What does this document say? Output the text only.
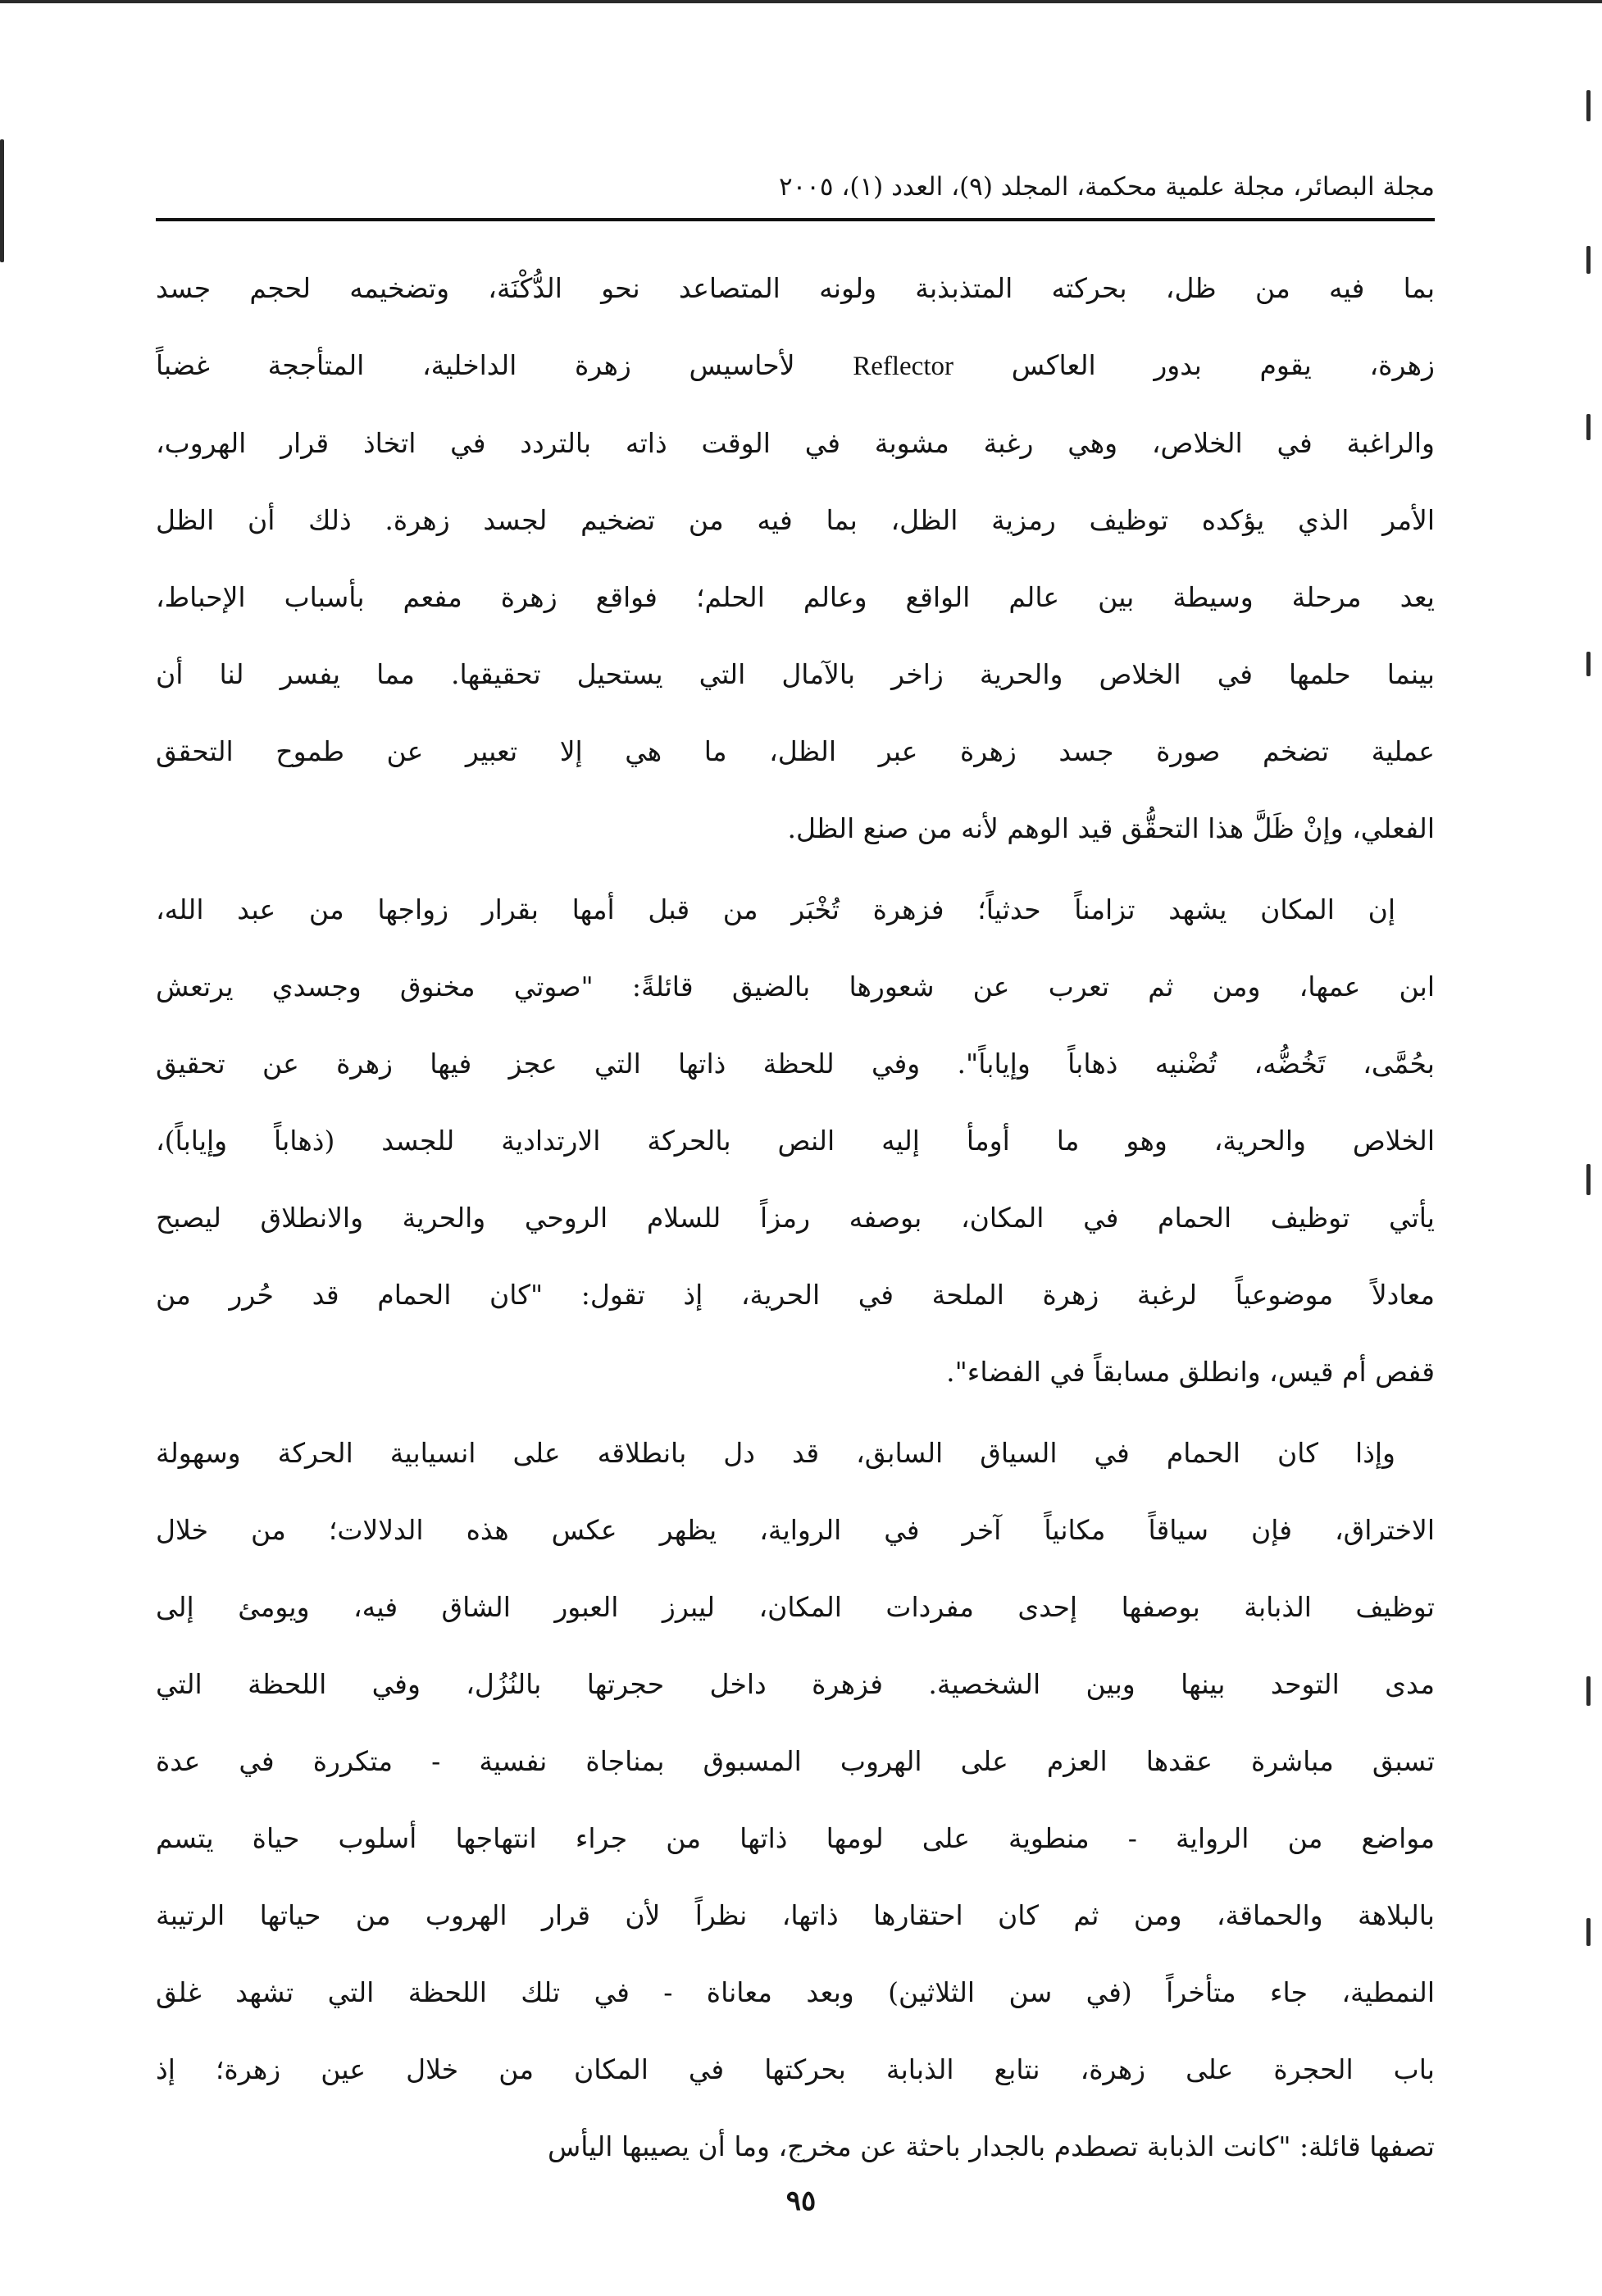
مجلة البصائر، مجلة علمية محكمة، المجلد (٩)، العدد (١)، ٢٠٠٥
بما فيه من ظل، بحركته المتذبذبة ولونه المتصاعد نحو الدُّكْنَة، وتضخيمه لحجم جسد
زهرة، يقوم بدور العاكس Reflector لأحاسيس زهرة الداخلية، المتأججة غضباً
والراغبة في الخلاص، وهي رغبة مشوبة في الوقت ذاته بالتردد في اتخاذ قرار الهروب،
الأمر الذي يؤكده توظيف رمزية الظل، بما فيه من تضخيم لجسد زهرة. ذلك أن الظل
يعد مرحلة وسيطة بين عالم الواقع وعالم الحلم؛ فواقع زهرة مفعم بأسباب الإحباط،
بينما حلمها في الخلاص والحرية زاخر بالآمال التي يستحيل تحقيقها. مما يفسر لنا أن
عملية تضخم صورة جسد زهرة عبر الظل، ما هي إلا تعبير عن طموح التحقق
الفعلي، وإنْ ظَلَّ هذا التحقُّق قيد الوهم لأنه من صنع الظل.
إن المكان يشهد تزامناً حدثياً؛ فزهرة تُخْبَر من قبل أمها بقرار زواجها من عبد الله،
ابن عمها، ومن ثم تعرب عن شعورها بالضيق قائلةً: "صوتي مخنوق وجسدي يرتعش
بحُمَّى، تَخُضُّه، تُضْنيه ذهاباً وإياباً". وفي للحظة ذاتها التي عجز فيها زهرة عن تحقيق
الخلاص والحرية، وهو ما أومأ إليه النص بالحركة الارتدادية للجسد (ذهاباً وإياباً)،
يأتي توظيف الحمام في المكان، بوصفه رمزاً للسلام الروحي والحرية والانطلاق ليصبح
معادلاً موضوعياً لرغبة زهرة الملحة في الحرية، إذ تقول: "كان الحمام قد حُرر من
قفص أم قيس، وانطلق مسابقاً في الفضاء".
وإذا كان الحمام في السياق السابق، قد دل بانطلاقه على انسيابية الحركة وسهولة
الاختراق، فإن سياقاً مكانياً آخر في الرواية، يظهر عكس هذه الدلالات؛ من خلال
توظيف الذبابة بوصفها إحدى مفردات المكان، ليبرز العبور الشاق فيه، ويومئ إلى
مدى التوحد بينها وبين الشخصية. فزهرة داخل حجرتها بالنُزُل، وفي اللحظة التي
تسبق مباشرة عقدها العزم على الهروب المسبوق بمناجاة نفسية - متكررة في عدة
مواضع من الرواية - منطوية على لومها ذاتها من جراء انتهاجها أسلوب حياة يتسم
بالبلاهة والحماقة، ومن ثم كان احتقارها ذاتها، نظراً لأن قرار الهروب من حياتها الرتيبة
النمطية، جاء متأخراً (في سن الثلاثين) وبعد معاناة - في تلك اللحظة التي تشهد غلق
باب الحجرة على زهرة، نتابع الذبابة بحركتها في المكان من خلال عين زهرة؛ إذ
تصفها قائلة: "كانت الذبابة تصطدم بالجدار باحثة عن مخرج، وما أن يصيبها اليأس
٩٥
